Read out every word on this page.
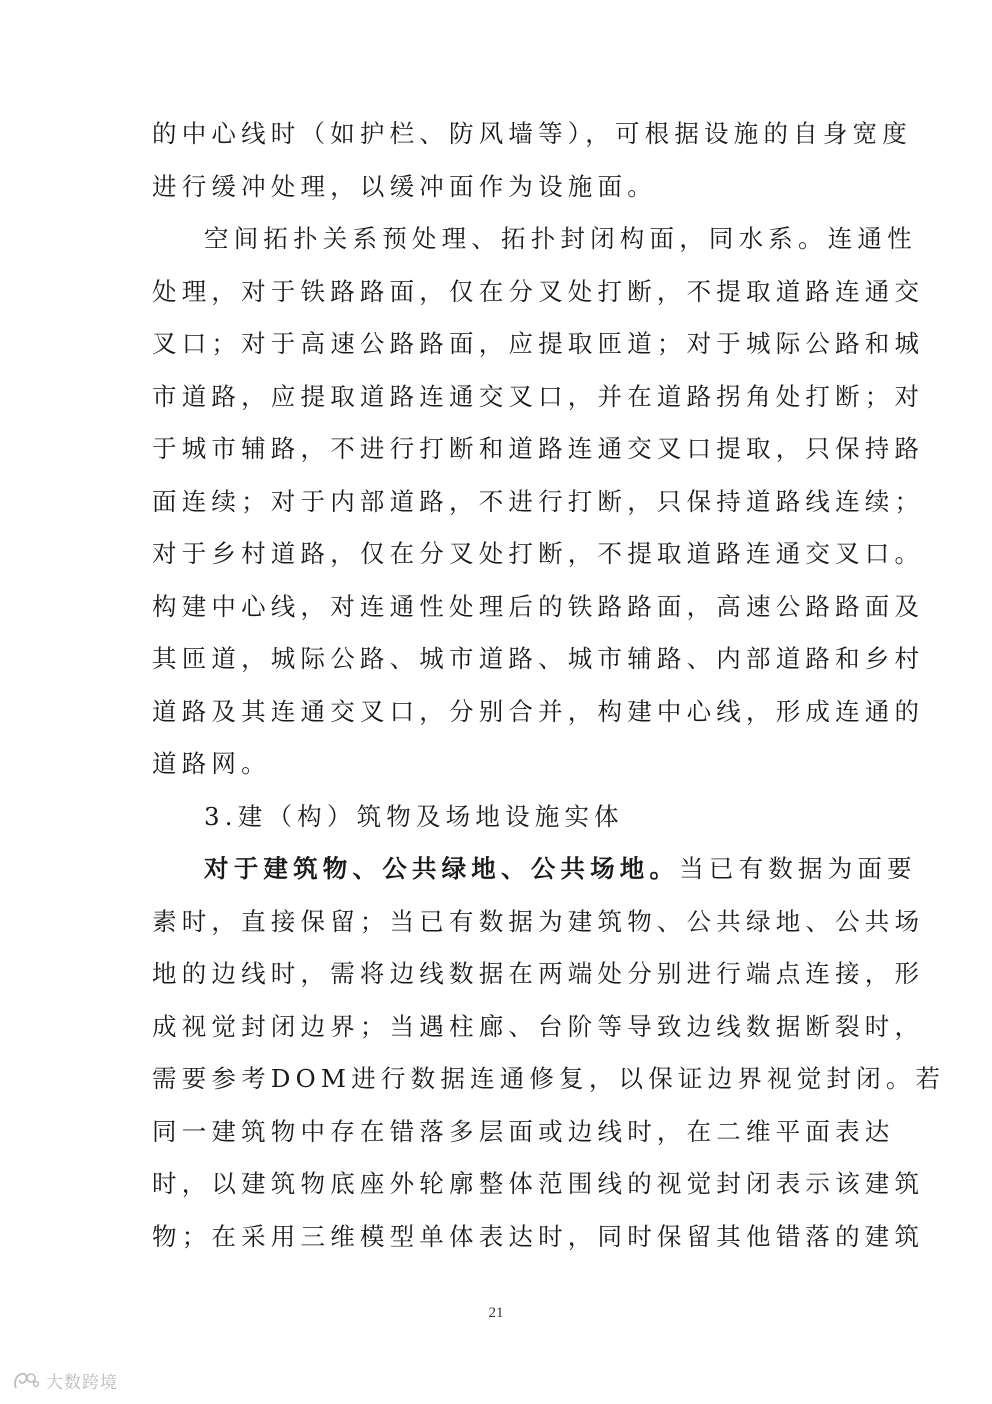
的中心线时（如护栏、防风墙等），可根据设施的自身宽度
进行缓冲处理，以缓冲面作为设施面。
空间拓扑关系预处理、拓扑封闭构面，同水系。连通性
处理，对于铁路路面，仅在分叉处打断，不提取道路连通交
叉口；对于高速公路路面，应提取匝道；对于城际公路和城
市道路，应提取道路连通交叉口，并在道路拐角处打断；对
于城市辅路，不进行打断和道路连通交叉口提取，只保持路
面连续；对于内部道路，不进行打断，只保持道路线连续；
对于乡村道路，仅在分叉处打断，不提取道路连通交叉口。
构建中心线，对连通性处理后的铁路路面，高速公路路面及
其匝道，城际公路、城市道路、城市辅路、内部道路和乡村
道路及其连通交叉口，分别合并，构建中心线，形成连通的
道路网。
3.建（构）筑物及场地设施实体
对于建筑物、公共绿地、公共场地。当已有数据为面要
素时，直接保留；当已有数据为建筑物、公共绿地、公共场
地的边线时，需将边线数据在两端处分别进行端点连接，形
成视觉封闭边界；当遇柱廊、台阶等导致边线数据断裂时，
需要参考DOM进行数据连通修复，以保证边界视觉封闭。若
同一建筑物中存在错落多层面或边线时，在二维平面表达
时，以建筑物底座外轮廓整体范围线的视觉封闭表示该建筑
物；在采用三维模型单体表达时，同时保留其他错落的建筑
21
大数跨境
